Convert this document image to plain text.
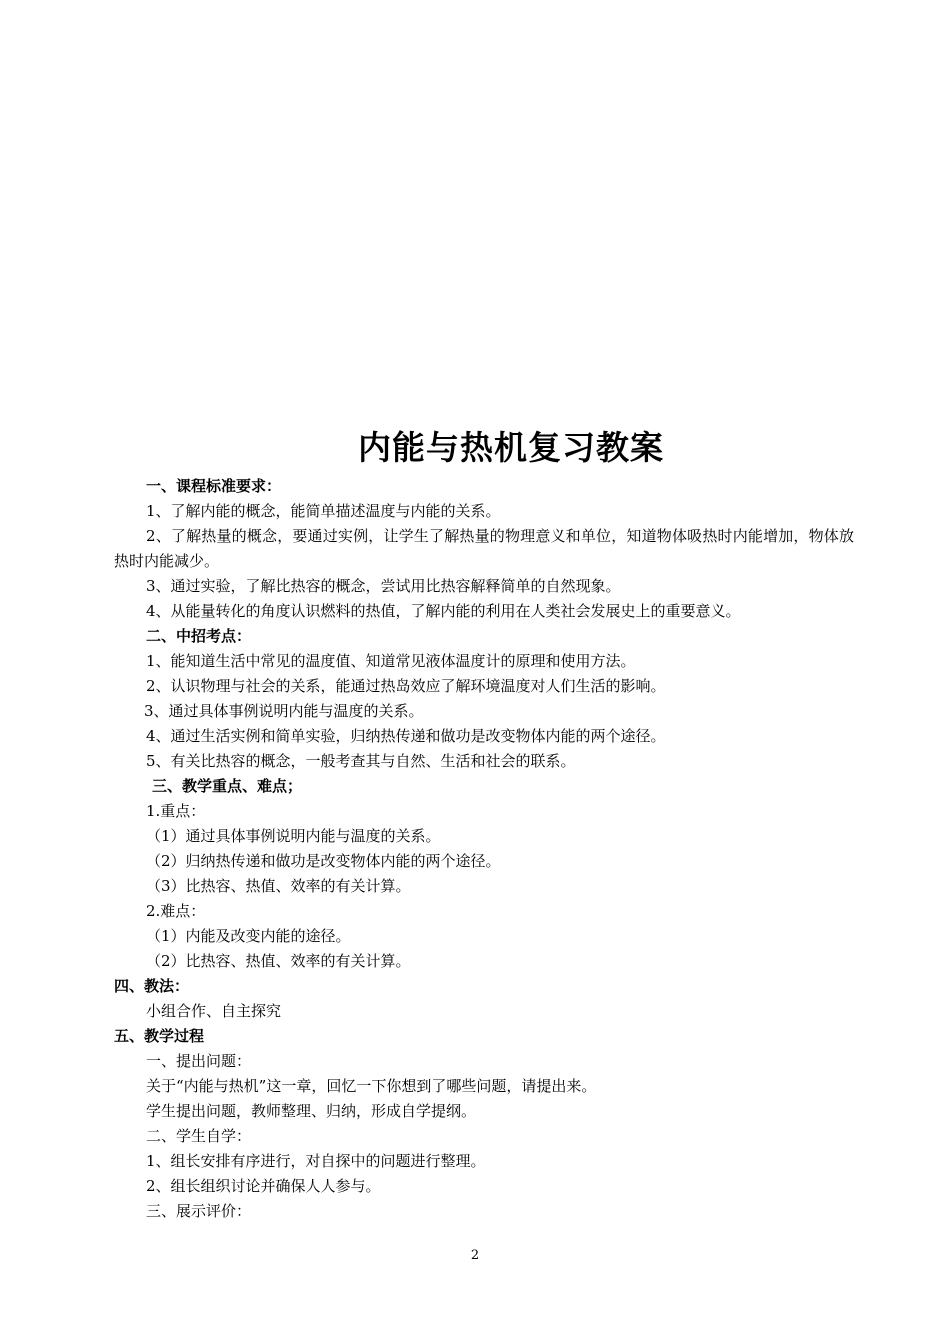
内能与热机复习教案
一、课程标准要求：
1、了解内能的概念，能简单描述温度与内能的关系。
2、了解热量的概念，要通过实例，让学生了解热量的物理意义和单位，知道物体吸热时内能增加，物体放热时内能减少。
3、通过实验，了解比热容的概念，尝试用比热容解释简单的自然现象。
4、从能量转化的角度认识燃料的热值，了解内能的利用在人类社会发展史上的重要意义。
二、中招考点：
1、能知道生活中常见的温度值、知道常见液体温度计的原理和使用方法。
2、认识物理与社会的关系，能通过热岛效应了解环境温度对人们生活的影响。
3、通过具体事例说明内能与温度的关系。
4、通过生活实例和简单实验，归纳热传递和做功是改变物体内能的两个途径。
5、有关比热容的概念，一般考查其与自然、生活和社会的联系。
三、教学重点、难点；
1.重点：
（1）通过具体事例说明内能与温度的关系。
（2）归纳热传递和做功是改变物体内能的两个途径。
（3）比热容、热值、效率的有关计算。
2.难点：
（1）内能及改变内能的途径。
（2）比热容、热值、效率的有关计算。
四、教法：
小组合作、自主探究
五、教学过程
一、提出问题：
关于“内能与热机”这一章，回忆一下你想到了哪些问题，请提出来。
学生提出问题，教师整理、归纳，形成自学提纲。
二、学生自学：
1、组长安排有序进行，对自探中的问题进行整理。
2、组长组织讨论并确保人人参与。
三、展示评价：
2
